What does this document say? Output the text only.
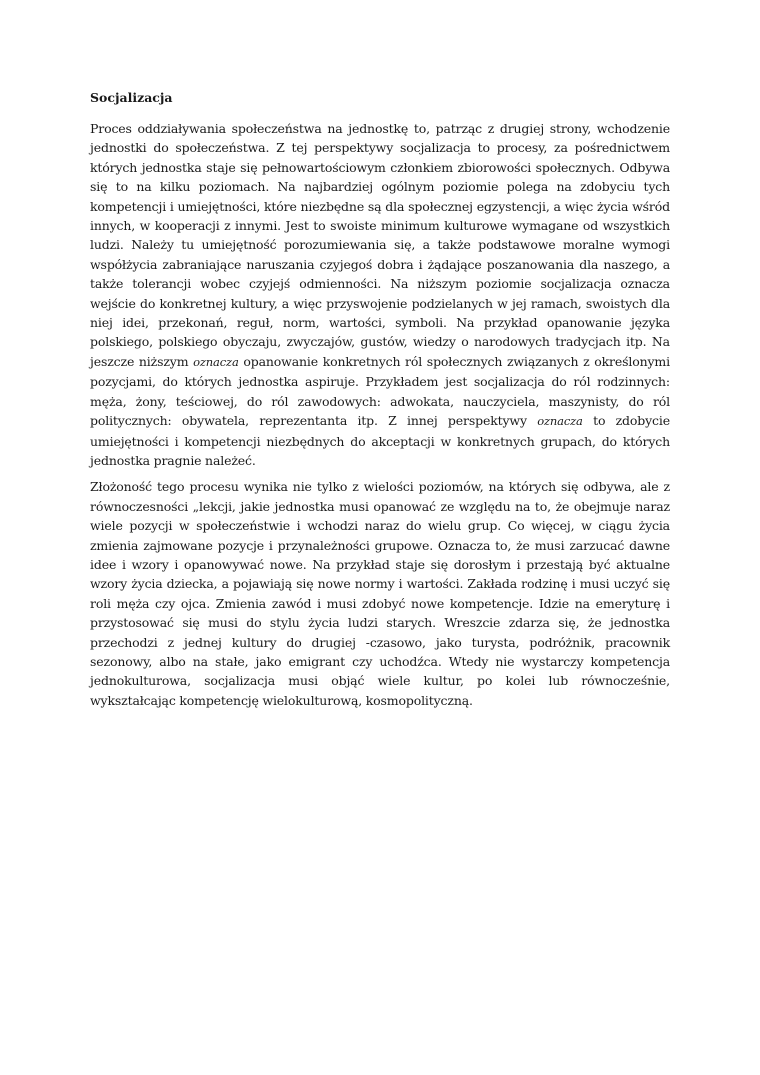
Socjalizacja

Proces oddziaływania społeczeństwa na jednostkę to, patrząc z drugiej strony, wchodzenie jednostki do społeczeństwa. Z tej perspektywy socjalizacja to procesy, za pośrednictwem których jednostka staje się pełnowartościowym członkiem zbiorowości społecznych. Odbywa się to na kilku poziomach. Na najbardziej ogólnym poziomie polega na zdobyciu tych kompetencji i umiejętności, które niezbędne są dla społecznej egzystencji, a więc życia wśród innych, w kooperacji z innymi. Jest to swoiste minimum kulturowe wymagane od wszystkich ludzi. Należy tu umiejętność porozumiewania się, a także podstawowe moralne wymogi współżycia zabraniające naruszania czyjegoś dobra i żądające poszanowania dla naszego, a także tolerancji wobec czyjejś odmienności. Na niższym poziomie socjalizacja oznacza wejście do konkretnej kultury, a więc przyswojenie podzielanych w jej ramach, swoistych dla niej idei, przekonań, reguł, norm, wartości, symboli. Na przykład opanowanie języka polskiego, polskiego obyczaju, zwyczajów, gustów, wiedzy o narodowych tradycjach itp. Na jeszcze niższym oznacza opanowanie konkretnych ról społecznych związanych z określonymi pozycjami, do których jednostka aspiruje. Przykładem jest socjalizacja do ról rodzinnych: męża, żony, teściowej, do ról zawodowych: adwokata, nauczyciela, maszynisty, do ról politycznych: obywatela, reprezentanta itp. Z innej perspektywy oznacza to zdobycie umiejętności i kompetencji niezbędnych do akceptacji w konkretnych grupach, do których jednostka pragnie należeć.

Złożoność tego procesu wynika nie tylko z wielości poziomów, na których się odbywa, ale z równoczesności „lekcji, jakie jednostka musi opanować ze względu na to, że obejmuje naraz wiele pozycji w społeczeństwie i wchodzi naraz do wielu grup. Co więcej, w ciągu życia zmienia zajmowane pozycje i przynależności grupowe. Oznacza to, że musi zarzucać dawne idee i wzory i opanowywać nowe. Na przykład staje się dorosłym i przestają być aktualne wzory życia dziecka, a pojawiają się nowe normy i wartości. Zakłada rodzinę i musi uczyć się roli męża czy ojca. Zmienia zawód i musi zdobyć nowe kompetencje. Idzie na emeryturę i przystosować się musi do stylu życia ludzi starych. Wreszcie zdarza się, że jednostka przechodzi z jednej kultury do drugiej -czasowo, jako turysta, podróżnik, pracownik sezonowy, albo na stałe, jako emigrant czy uchodźca. Wtedy nie wystarczy kompetencja jednokulturowa, socjalizacja musi objąć wiele kultur, po kolei lub równocześnie, wykształcając kompetencję wielokulturową, kosmopolityczną.
